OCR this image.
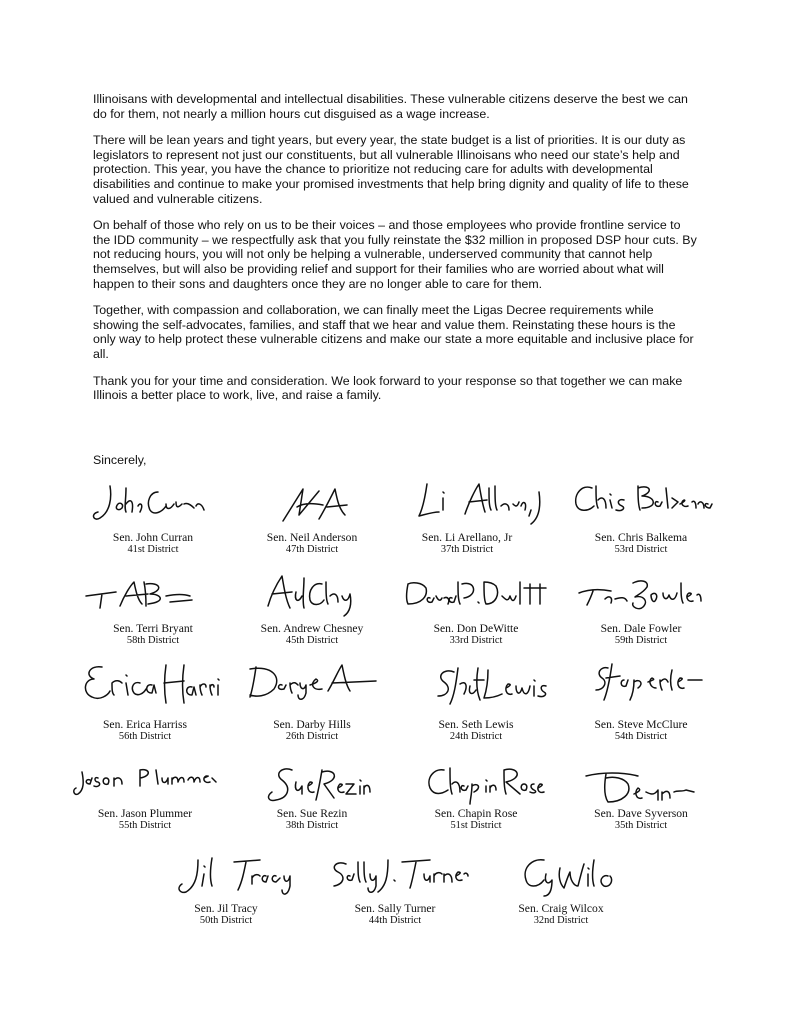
Illinoisans with developmental and intellectual disabilities. These vulnerable citizens deserve the best we can do for them, not nearly a million hours cut disguised as a wage increase.

There will be lean years and tight years, but every year, the state budget is a list of priorities. It is our duty as legislators to represent not just our constituents, but all vulnerable Illinoisans who need our state’s help and protection. This year, you have the chance to prioritize not reducing care for adults with developmental disabilities and continue to make your promised investments that help bring dignity and quality of life to these valued and vulnerable citizens.

On behalf of those who rely on us to be their voices – and those employees who provide frontline service to the IDD community – we respectfully ask that you fully reinstate the $32 million in proposed DSP hour cuts. By not reducing hours, you will not only be helping a vulnerable, underserved community that cannot help themselves, but will also be providing relief and support for their families who are worried about what will happen to their sons and daughters once they are no longer able to care for them.

Together, with compassion and collaboration, we can finally meet the Ligas Decree requirements while showing the self-advocates, families, and staff that we hear and value them. Reinstating these hours is the only way to help protect these vulnerable citizens and make our state a more equitable and inclusive place for all.

Thank you for your time and consideration. We look forward to your response so that together we can make Illinois a better place to work, live, and raise a family.

Sincerely,
Sen. John Curran
41st District
Sen. Neil Anderson
47th District
Sen. Li Arellano, Jr
37th District
Sen. Chris Balkema
53rd District
Sen. Terri Bryant
58th District
Sen. Andrew Chesney
45th District
Sen. Don DeWitte
33rd District
Sen. Dale Fowler
59th District
Sen. Erica Harriss
56th District
Sen. Darby Hills
26th District
Sen. Seth Lewis
24th District
Sen. Steve McClure
54th District
Sen. Jason Plummer
55th District
Sen. Sue Rezin
38th District
Sen. Chapin Rose
51st District
Sen. Dave Syverson
35th District
Sen. Jil Tracy
50th District
Sen. Sally Turner
44th District
Sen. Craig Wilcox
32nd District
